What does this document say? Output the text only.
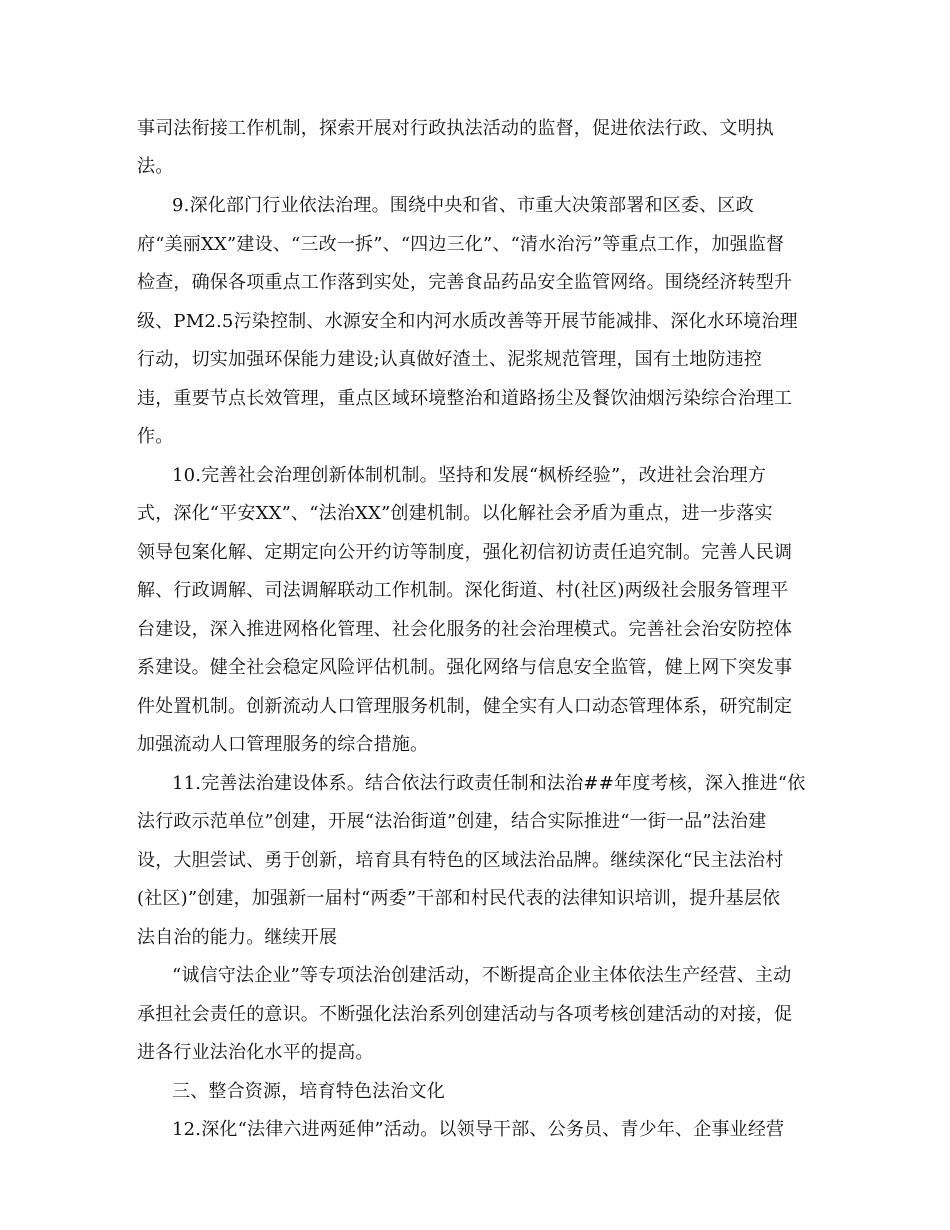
事司法衔接工作机制，探索开展对行政执法活动的监督，促进依法行政、文明执
法。
9.深化部门行业依法治理。围绕中央和省、市重大决策部署和区委、区政
府“美丽XX”建设、“三改一拆”、“四边三化”、“清水治污”等重点工作，加强监督
检查，确保各项重点工作落到实处，完善食品药品安全监管网络。围绕经济转型升
级、PM2.5污染控制、水源安全和内河水质改善等开展节能减排、深化水环境治理
行动，切实加强环保能力建设;认真做好渣土、泥浆规范管理，国有土地防违控
违，重要节点长效管理，重点区域环境整治和道路扬尘及餐饮油烟污染综合治理工
作。
10.完善社会治理创新体制机制。坚持和发展“枫桥经验”，改进社会治理方
式，深化“平安XX”、“法治XX”创建机制。以化解社会矛盾为重点，进一步落实
领导包案化解、定期定向公开约访等制度，强化初信初访责任追究制。完善人民调
解、行政调解、司法调解联动工作机制。深化街道、村(社区)两级社会服务管理平
台建设，深入推进网格化管理、社会化服务的社会治理模式。完善社会治安防控体
系建设。健全社会稳定风险评估机制。强化网络与信息安全监管，健上网下突发事
件处置机制。创新流动人口管理服务机制，健全实有人口动态管理体系，研究制定
加强流动人口管理服务的综合措施。
11.完善法治建设体系。结合依法行政责任制和法治##年度考核，深入推进“依
法行政示范单位”创建，开展“法治街道”创建，结合实际推进“一街一品”法治建
设，大胆尝试、勇于创新，培育具有特色的区域法治品牌。继续深化“民主法治村
(社区)”创建，加强新一届村“两委”干部和村民代表的法律知识培训，提升基层依
法自治的能力。继续开展
“诚信守法企业”等专项法治创建活动，不断提高企业主体依法生产经营、主动
承担社会责任的意识。不断强化法治系列创建活动与各项考核创建活动的对接，促
进各行业法治化水平的提高。
三、整合资源，培育特色法治文化
12.深化“法律六进两延伸”活动。以领导干部、公务员、青少年、企事业经营
